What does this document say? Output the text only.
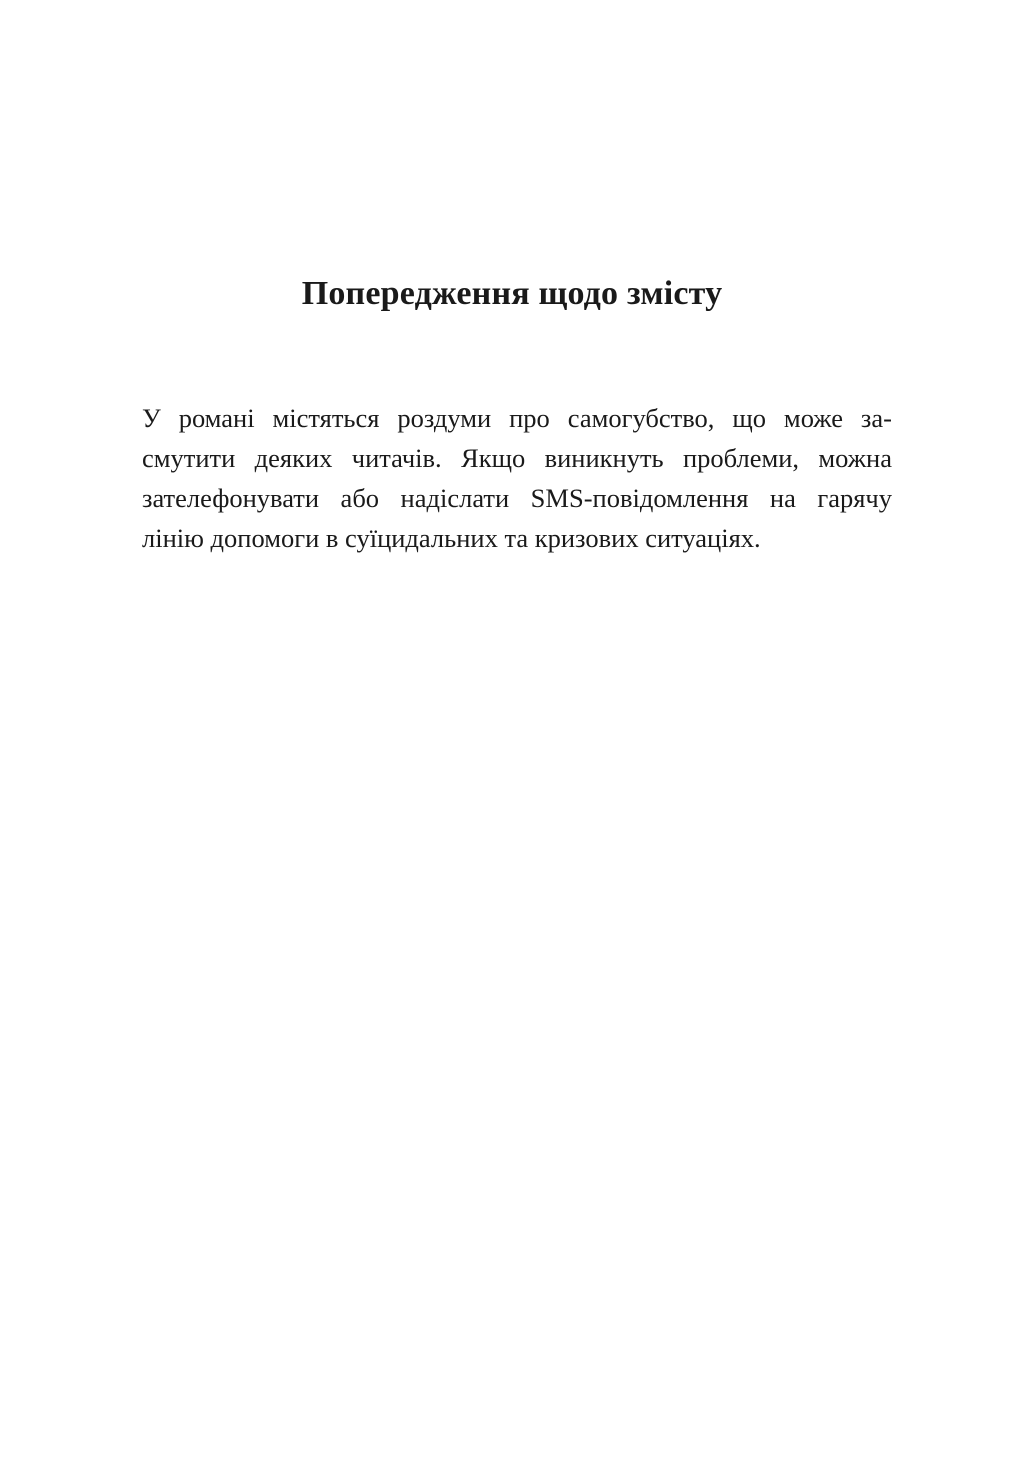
Попередження щодо змісту

У романі містяться роздуми про самогубство, що може за-
смутити деяких читачів. Якщо виникнуть проблеми, можна
зателефонувати або надіслати SMS-повідомлення на гарячу
лінію допомоги в суїцидальних та кризових ситуаціях.
